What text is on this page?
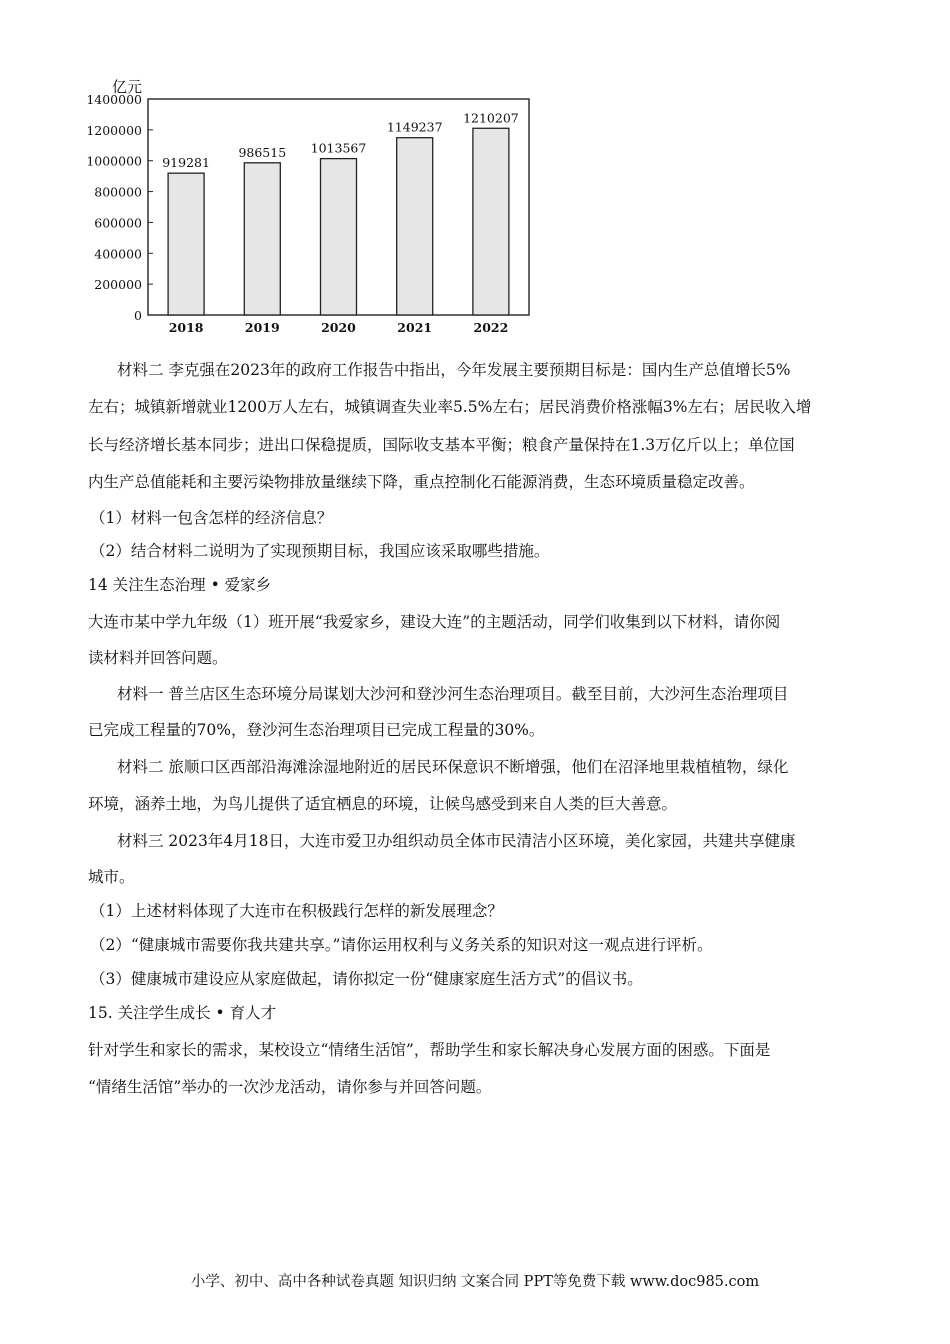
亿元
0
200000
400000
600000
800000
1000000
1200000
1400000
919281
986515 1013567
1149237
1210207
2018	2019	2020	2021	2022
材料二 李克强在2023年的政府工作报告中指出，今年发展主要预期目标是：国内生产总值增长5%
左右；城镇新增就业1200万人左右，城镇调查失业率5.5%左右；居民消费价格涨幅3%左右；居民收入增
长与经济增长基本同步；进出口保稳提质，国际收支基本平衡；粮食产量保持在1.3万亿斤以上；单位国
内生产总值能耗和主要污染物排放量继续下降，重点控制化石能源消费，生态环境质量稳定改善。
（1）材料一包含怎样的经济信息？
（2）结合材料二说明为了实现预期目标，我国应该采取哪些措施。
14 关注生态治理 • 爱家乡
大连市某中学九年级（1）班开展“我爱家乡，建设大连”的主题活动，同学们收集到以下材料，请你阅
读材料并回答问题。
材料一 普兰店区生态环境分局谋划大沙河和登沙河生态治理项目。截至目前，大沙河生态治理项目
已完成工程量的70%，登沙河生态治理项目已完成工程量的30%。
材料二 旅顺口区西部沿海滩涂湿地附近的居民环保意识不断增强，他们在沼泽地里栽植植物，绿化
环境，涵养土地，为鸟儿提供了适宜栖息的环境，让候鸟感受到来自人类的巨大善意。
材料三 2023年4月18日，大连市爱卫办组织动员全体市民清洁小区环境，美化家园，共建共享健康
城市。
（1）上述材料体现了大连市在积极践行怎样的新发展理念？
（2）“健康城市需要你我共建共享。”请你运用权利与义务关系的知识对这一观点进行评析。
（3）健康城市建设应从家庭做起，请你拟定一份“健康家庭生活方式”的倡议书。
15. 关注学生成长 • 育人才
针对学生和家长的需求，某校设立“情绪生活馆”，帮助学生和家长解决身心发展方面的困惑。下面是
“情绪生活馆”举办的一次沙龙活动，请你参与并回答问题。
小学、初中、高中各种试卷真题 知识归纳 文案合同 PPT等免费下载 www.doc985.com
